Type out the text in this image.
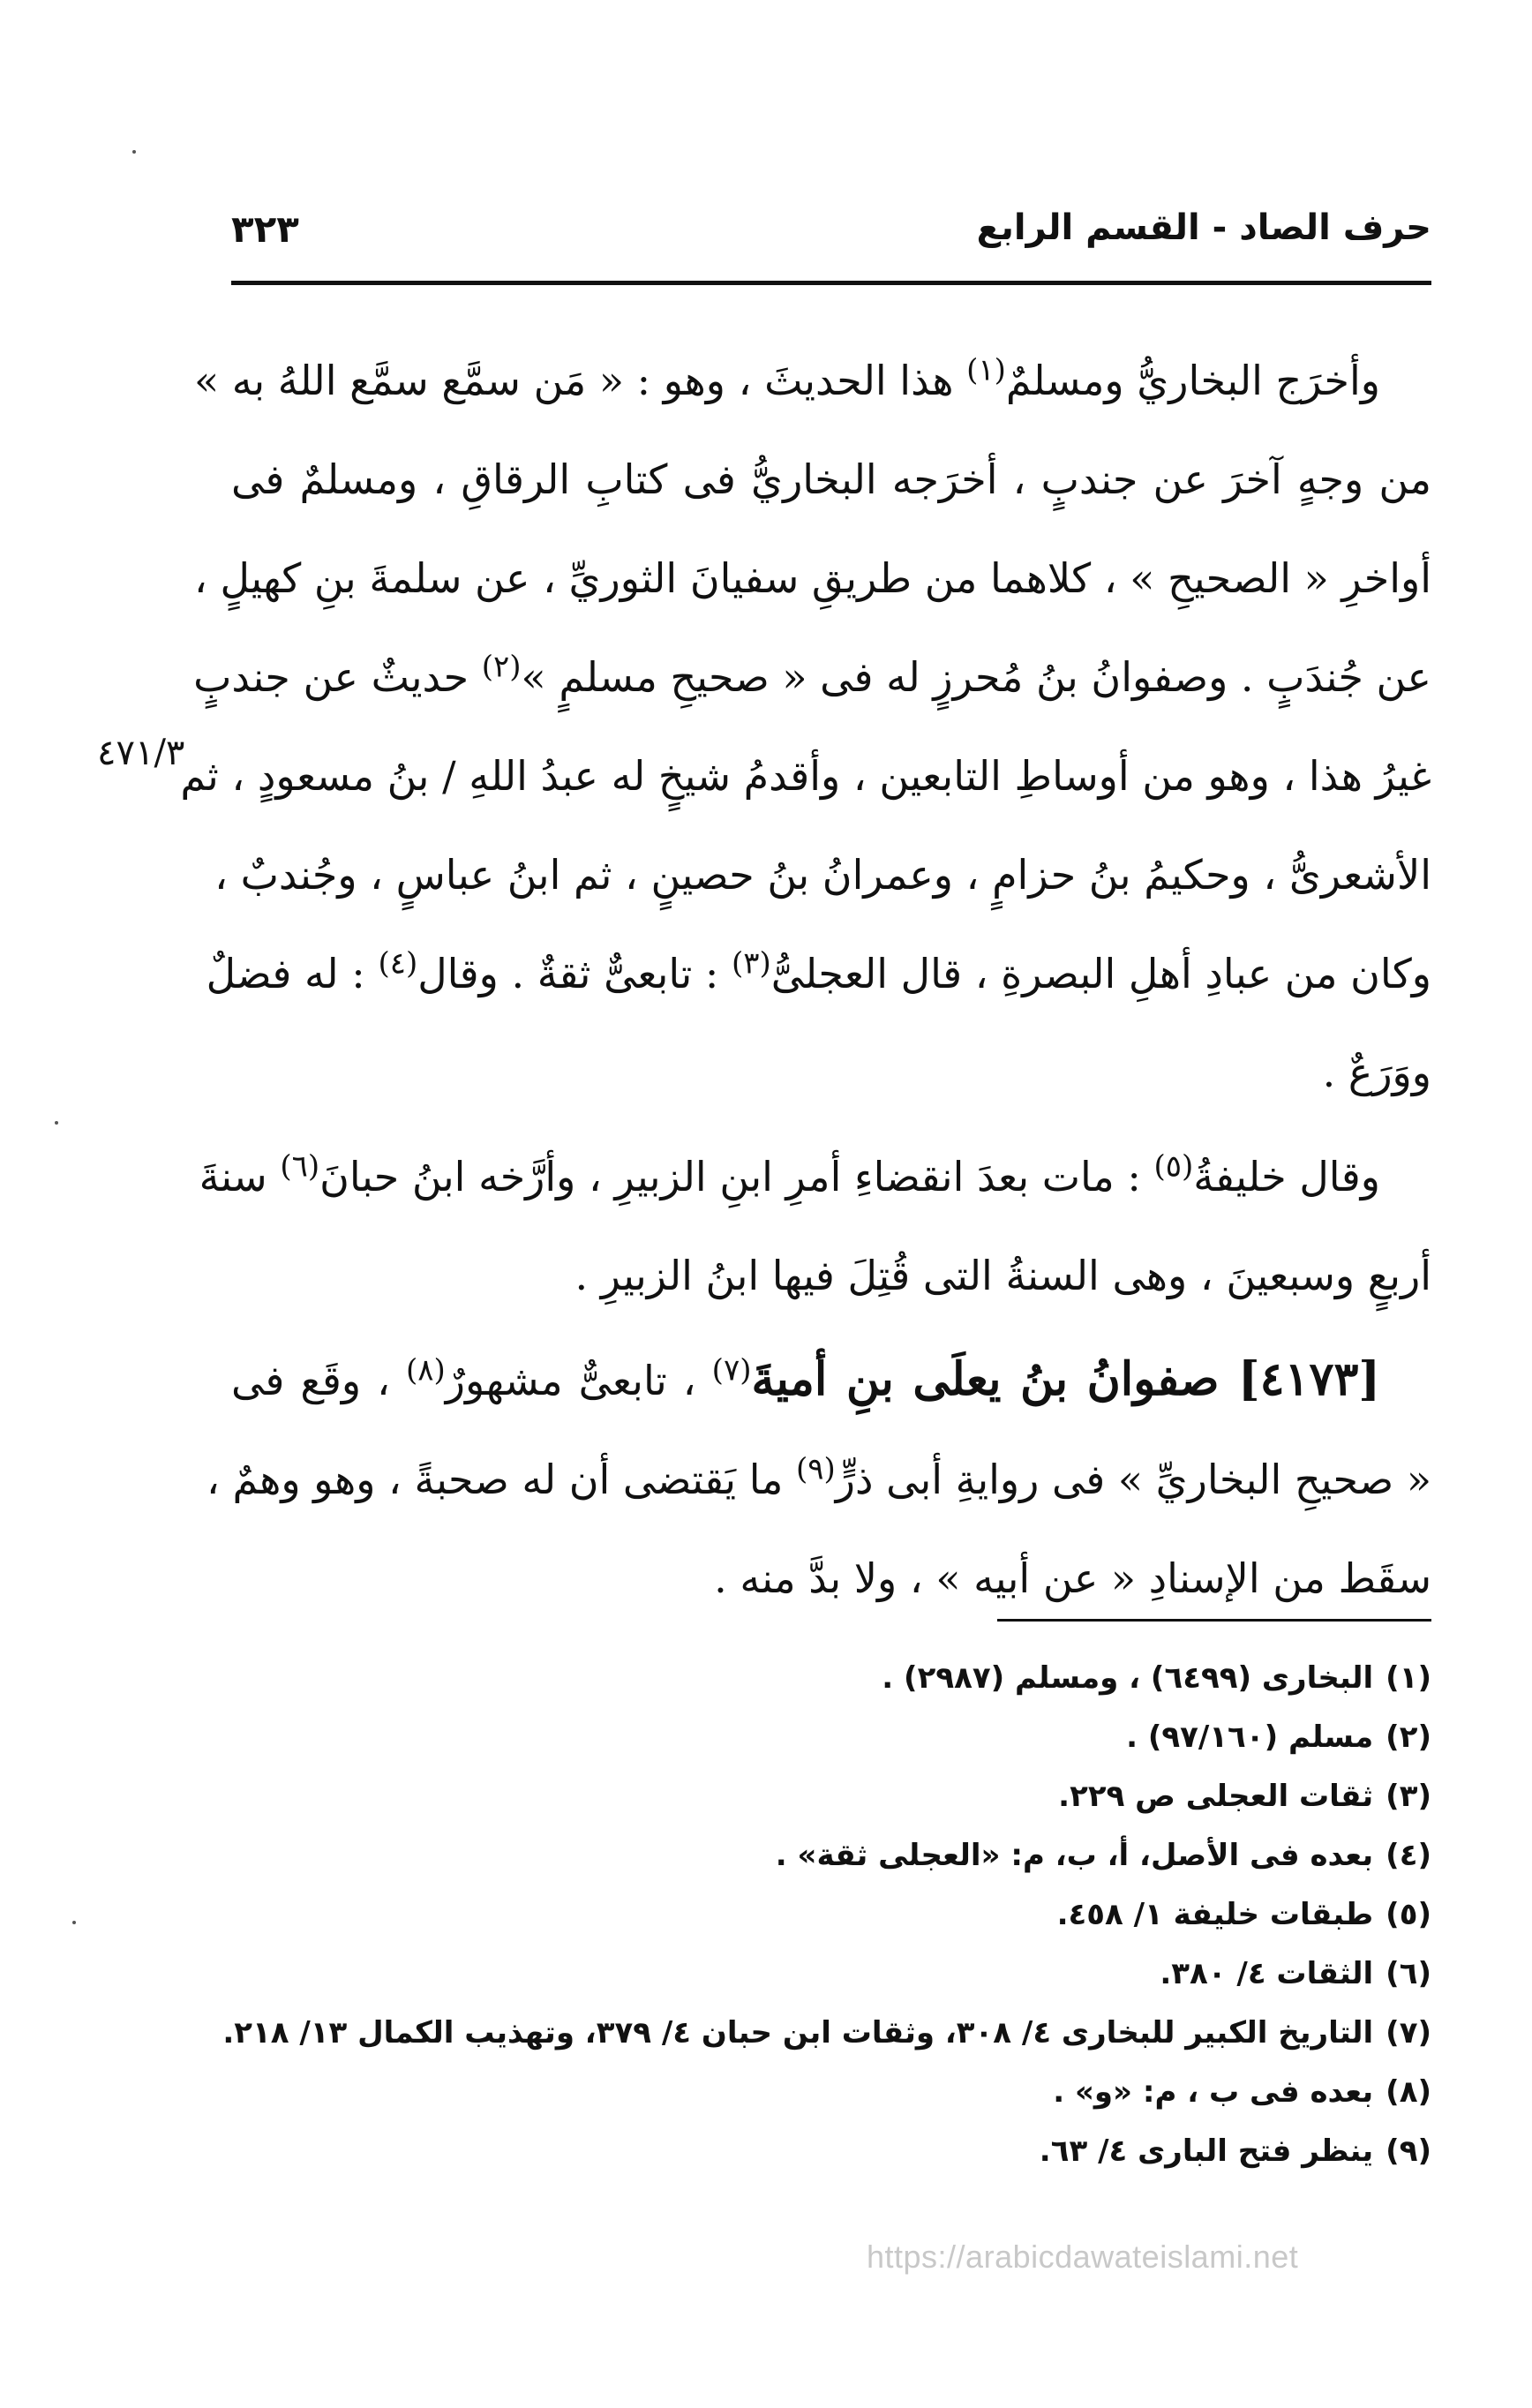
حرف الصاد - القسم الرابع
٣٢٣
٤٧١/٣
وأخرَج البخاريُّ ومسلمٌ$^{(١)}$ هذا الحديثَ ، وهو : « مَن سمَّع سمَّع اللهُ به »
من وجهٍ آخرَ عن جندبٍ ، أخرَجه البخاريُّ فى كتابِ الرقاقِ ، ومسلمٌ فى
أواخرِ « الصحيحِ » ، كلاهما من طريقِ سفيانَ الثوريِّ ، عن سلمةَ بنِ كهيلٍ ،
عن جُندَبٍ . وصفوانُ بنُ مُحرزٍ له فى « صحيحِ مسلمٍ »$^{(٢)}$ حديثٌ عن جندبٍ
غيرُ هذا ، وهو من أوساطِ التابعين ، وأقدمُ شيخٍ له عبدُ اللهِ / بنُ مسعودٍ ، ثم
الأشعرىُّ ، وحكيمُ بنُ حزامٍ ، وعمرانُ بنُ حصينٍ ، ثم ابنُ عباسٍ ، وجُندبٌ ،
وكان من عبادِ أهلِ البصرةِ ، قال العجلىُّ$^{(٣)}$ : تابعىٌّ ثقةٌ . وقال$^{(٤)}$ : له فضلٌ
ووَرَعٌ .
وقال خليفةُ$^{(٥)}$ : مات بعدَ انقضاءِ أمرِ ابنِ الزبيرِ ، وأرَّخه ابنُ حبانَ$^{(٦)}$ سنةَ
أربعٍ وسبعينَ ، وهى السنةُ التى قُتِلَ فيها ابنُ الزبيرِ .
[٤١٧٣] صفوانُ بنُ يعلَى بنِ أميةَ$^{(٧)}$ ، تابعىٌّ مشهورٌ$^{(٨)}$ ، وقَع فى
« صحيحِ البخاريِّ » فى روايةِ أبى ذرٍّ$^{(٩)}$ ما يَقتضى أن له صحبةً ، وهو وهمٌ ،
سقَط من الإسنادِ « عن أبيه » ، ولا بدَّ منه .
(١)البخارى (٦٤٩٩) ، ومسلم (٢٩٨٧) .
(٢)مسلم (٩٧/١٦٠) .
(٣)ثقات العجلى ص ٢٢٩.
(٤)بعده فى الأصل، أ، ب، م: «العجلى ثقة» .
(٥)طبقات خليفة ١/ ٤٥٨.
(٦)الثقات ٤/ ٣٨٠.
(٧)التاريخ الكبير للبخارى ٤/ ٣٠٨، وثقات ابن حبان ٤/ ٣٧٩، وتهذيب الكمال ١٣/ ٢١٨.
(٨)بعده فى ب ، م: «و» .
(٩)ينظر فتح البارى ٤/ ٦٣.
https://arabicdawateislami.net
